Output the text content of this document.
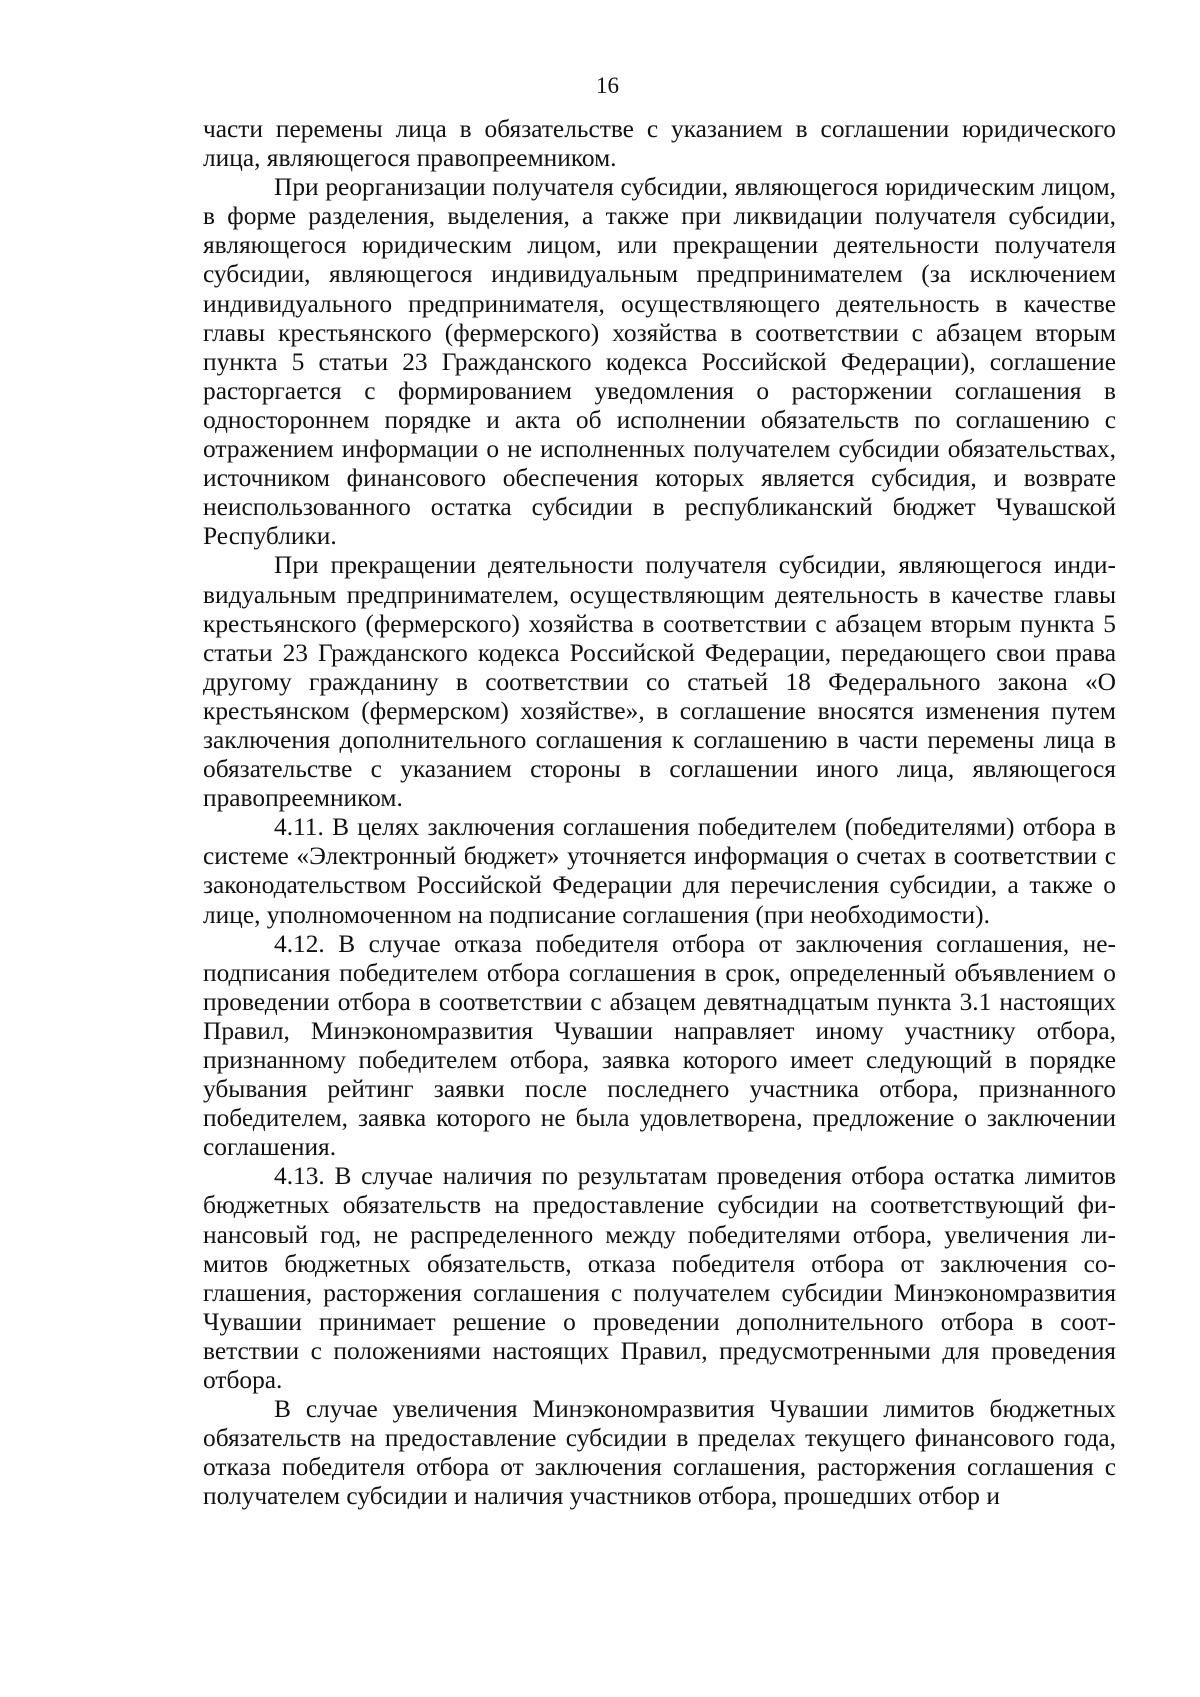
16

части перемены лица в обязательстве с указанием в соглашении юридического лица, являющегося правопреемником.

При реорганизации получателя субсидии, являющегося юридическим лицом, в форме разделения, выделения, а также при ликвидации получателя субсидии, являющегося юридическим лицом, или прекращении деятельности получателя субсидии, являющегося индивидуальным предпринимателем (за исключением индивидуального предпринимателя, осуществляющего деятельность в качестве главы крестьянского (фермерского) хозяйства в соответствии с абзацем вторым пункта 5 статьи 23 Гражданского кодекса Российской Федерации), соглашение расторгается с формированием уведомления о расторжении соглашения в одностороннем порядке и акта об исполнении обязательств по соглашению с отражением информации о не исполненных получателем субсидии обязательствах, источником финансового обеспечения которых является субсидия, и возврате неиспользованного остатка субсидии в республиканский бюджет Чувашской Республики.

При прекращении деятельности получателя субсидии, являющегося индивидуальным предпринимателем, осуществляющим деятельность в качестве главы крестьянского (фермерского) хозяйства в соответствии с абзацем вторым пункта 5 статьи 23 Гражданского кодекса Российской Федерации, передающего свои права другому гражданину в соответствии со статьей 18 Федерального закона «О крестьянском (фермерском) хозяйстве», в соглашение вносятся изменения путем заключения дополнительного соглашения к соглашению в части перемены лица в обязательстве с указанием стороны в соглашении иного лица, являющегося правопреемником.

4.11. В целях заключения соглашения победителем (победителями) отбора в системе «Электронный бюджет» уточняется информация о счетах в соответствии с законодательством Российской Федерации для перечисления субсидии, а также о лице, уполномоченном на подписание соглашения (при необходимости).

4.12. В случае отказа победителя отбора от заключения соглашения, неподписания победителем отбора соглашения в срок, определенный объявлением о проведении отбора в соответствии с абзацем девятнадцатым пункта 3.1 настоящих Правил, Минэкономразвития Чувашии направляет иному участнику отбора, признанному победителем отбора, заявка которого имеет следующий в порядке убывания рейтинг заявки после последнего участника отбора, признанного победителем, заявка которого не была удовлетворена, предложение о заключении соглашения.

4.13. В случае наличия по результатам проведения отбора остатка лимитов бюджетных обязательств на предоставление субсидии на соответствующий финансовый год, не распределенного между победителями отбора, увеличения лимитов бюджетных обязательств, отказа победителя отбора от заключения соглашения, расторжения соглашения с получателем субсидии Минэкономразвития Чувашии принимает решение о проведении дополнительного отбора в соответствии с положениями настоящих Правил, предусмотренными для проведения отбора.

В случае увеличения Минэкономразвития Чувашии лимитов бюджетных обязательств на предоставление субсидии в пределах текущего финансового года, отказа победителя отбора от заключения соглашения, расторжения соглашения с получателем субсидии и наличия участников отбора, прошедших отбор и
